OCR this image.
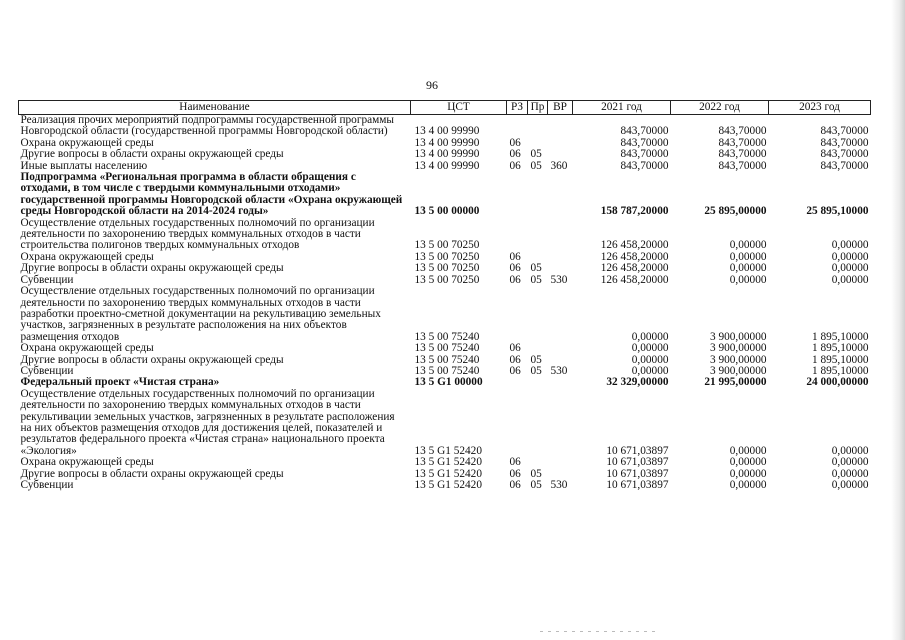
96
Наименование	ЦСТ	РЗ	Пр	ВР	2021 год	2022 год	2023 год
Реализация прочих мероприятий подпрограммы государственной программы Новгородской области (государственной программы Новгородской области)	13 4 00 99990				843,70000	843,70000	843,70000
Охрана окружающей среды	13 4 00 99990	06			843,70000	843,70000	843,70000
Другие вопросы в области охраны окружающей среды	13 4 00 99990	06	05		843,70000	843,70000	843,70000
Иные выплаты населению	13 4 00 99990	06	05	360	843,70000	843,70000	843,70000
Подпрограмма «Региональная программа в области обращения с отходами, в том числе с твердыми коммунальными отходами» государственной программы Новгородской области «Охрана окружающей среды Новгородской области на 2014-2024 годы»	13 5 00 00000				158 787,20000	25 895,00000	25 895,10000
Осуществление отдельных государственных полномочий по организации деятельности по захоронению твердых коммунальных отходов в части строительства полигонов твердых коммунальных отходов	13 5 00 70250				126 458,20000	0,00000	0,00000
Охрана окружающей среды	13 5 00 70250	06			126 458,20000	0,00000	0,00000
Другие вопросы в области охраны окружающей среды	13 5 00 70250	06	05		126 458,20000	0,00000	0,00000
Субвенции	13 5 00 70250	06	05	530	126 458,20000	0,00000	0,00000
Осуществление отдельных государственных полномочий по организации деятельности по захоронению твердых коммунальных отходов в части разработки проектно-сметной документации на рекультивацию земельных участков, загрязненных в результате расположения на них объектов размещения отходов	13 5 00 75240				0,00000	3 900,00000	1 895,10000
Охрана окружающей среды	13 5 00 75240	06			0,00000	3 900,00000	1 895,10000
Другие вопросы в области охраны окружающей среды	13 5 00 75240	06	05		0,00000	3 900,00000	1 895,10000
Субвенции	13 5 00 75240	06	05	530	0,00000	3 900,00000	1 895,10000
Федеральный проект «Чистая страна»	13 5 G1 00000				32 329,00000	21 995,00000	24 000,00000
Осуществление отдельных государственных полномочий по организации деятельности по захоронению твердых коммунальных отходов в части рекультивации земельных участков, загрязненных в результате расположения на них объектов размещения отходов для достижения целей, показателей и результатов федерального проекта «Чистая страна» национального проекта «Экология»	13 5 G1 52420				10 671,03897	0,00000	0,00000
Охрана окружающей среды	13 5 G1 52420	06			10 671,03897	0,00000	0,00000
Другие вопросы в области охраны окружающей среды	13 5 G1 52420	06	05		10 671,03897	0,00000	0,00000
Субвенции	13 5 G1 52420	06	05	530	10 671,03897	0,00000	0,00000
